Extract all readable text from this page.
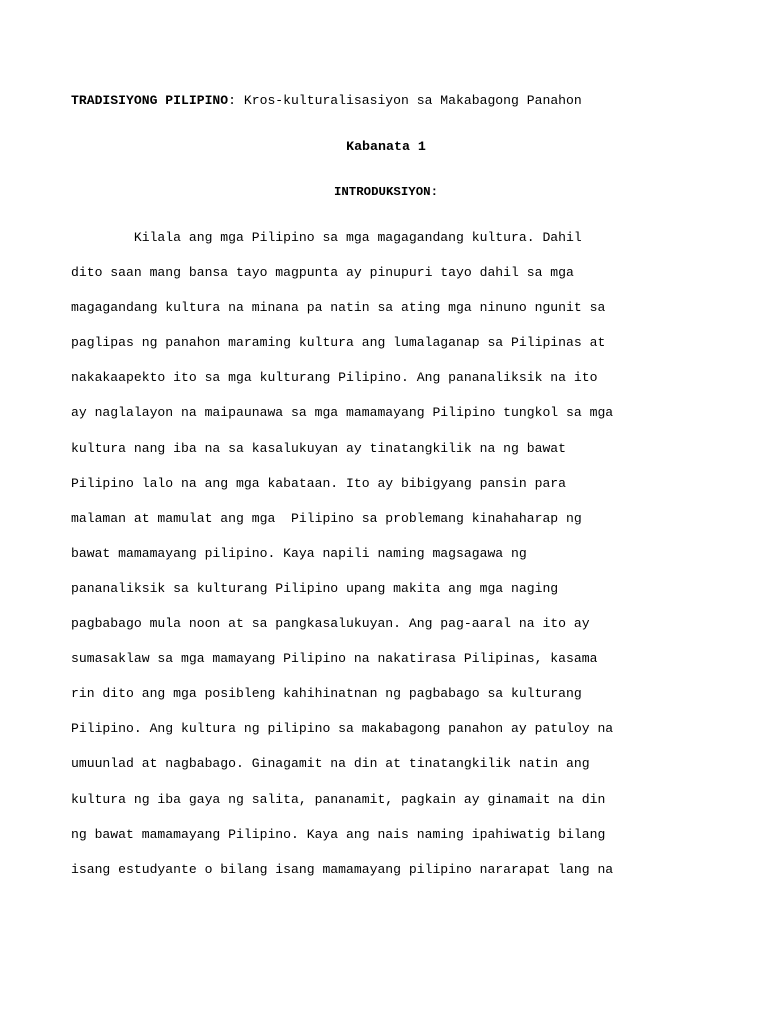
TRADISIYONG PILIPINO: Kros-kulturalisasiyon sa Makabagong Panahon
Kabanata 1
INTRODUKSIYON:
Kilala ang mga Pilipino sa mga magagandang kultura. Dahil
dito saan mang bansa tayo magpunta ay pinupuri tayo dahil sa mga
magagandang kultura na minana pa natin sa ating mga ninuno ngunit sa
paglipas ng panahon maraming kultura ang lumalaganap sa Pilipinas at
nakakaapekto ito sa mga kulturang Pilipino. Ang pananaliksik na ito
ay naglalayon na maipaunawa sa mga mamamayang Pilipino tungkol sa mga
kultura nang iba na sa kasalukuyan ay tinatangkilik na ng bawat
Pilipino lalo na ang mga kabataan. Ito ay bibigyang pansin para
malaman at mamulat ang mga  Pilipino sa problemang kinahaharap ng
bawat mamamayang pilipino. Kaya napili naming magsagawa ng
pananaliksik sa kulturang Pilipino upang makita ang mga naging
pagbabago mula noon at sa pangkasalukuyan. Ang pag-aaral na ito ay
sumasaklaw sa mga mamayang Pilipino na nakatirasa Pilipinas, kasama
rin dito ang mga posibleng kahihinatnan ng pagbabago sa kulturang
Pilipino. Ang kultura ng pilipino sa makabagong panahon ay patuloy na
umuunlad at nagbabago. Ginagamit na din at tinatangkilik natin ang
kultura ng iba gaya ng salita, pananamit, pagkain ay ginamait na din
ng bawat mamamayang Pilipino. Kaya ang nais naming ipahiwatig bilang
isang estudyante o bilang isang mamamayang pilipino nararapat lang na
